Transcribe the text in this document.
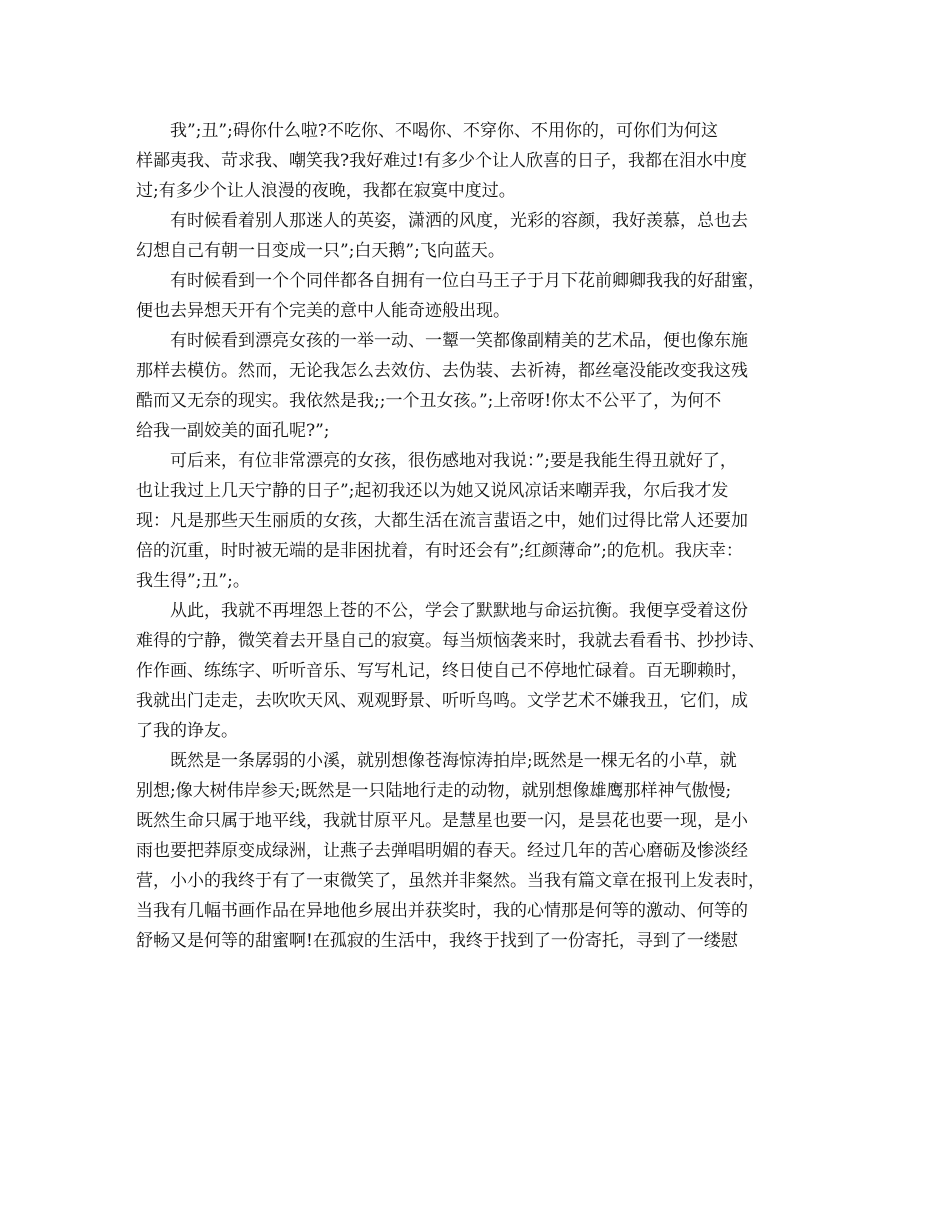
我”;丑”;碍你什么啦?不吃你、不喝你、不穿你、不用你的，可你们为何这
样鄙夷我、苛求我、嘲笑我?我好难过!有多少个让人欣喜的日子，我都在泪水中度
过;有多少个让人浪漫的夜晚，我都在寂寞中度过。
有时候看着别人那迷人的英姿，潇洒的风度，光彩的容颜，我好羡慕，总也去
幻想自己有朝一日变成一只”;白天鹅”;飞向蓝天。
有时候看到一个个同伴都各自拥有一位白马王子于月下花前卿卿我我的好甜蜜，
便也去异想天开有个完美的意中人能奇迹般出现。
有时候看到漂亮女孩的一举一动、一颦一笑都像副精美的艺术品，便也像东施
那样去模仿。然而，无论我怎么去效仿、去伪装、去祈祷，都丝毫没能改变我这残
酷而又无奈的现实。我依然是我;;一个丑女孩。”;上帝呀!你太不公平了，为何不
给我一副姣美的面孔呢?”;
可后来，有位非常漂亮的女孩，很伤感地对我说：”;要是我能生得丑就好了，
也让我过上几天宁静的日子”;起初我还以为她又说风凉话来嘲弄我，尔后我才发
现：凡是那些天生丽质的女孩，大都生活在流言蜚语之中，她们过得比常人还要加
倍的沉重，时时被无端的是非困扰着，有时还会有”;红颜薄命”;的危机。我庆幸：
我生得”;丑”;。
从此，我就不再埋怨上苍的不公，学会了默默地与命运抗衡。我便享受着这份
难得的宁静，微笑着去开垦自己的寂寞。每当烦恼袭来时，我就去看看书、抄抄诗、
作作画、练练字、听听音乐、写写札记，终日使自己不停地忙碌着。百无聊赖时，
我就出门走走，去吹吹天风、观观野景、听听鸟鸣。文学艺术不嫌我丑，它们，成
了我的诤友。
既然是一条孱弱的小溪，就别想像苍海惊涛拍岸;既然是一棵无名的小草，就
别想;像大树伟岸参天;既然是一只陆地行走的动物，就别想像雄鹰那样神气傲慢;
既然生命只属于地平线，我就甘原平凡。是慧星也要一闪，是昙花也要一现，是小
雨也要把莽原变成绿洲，让燕子去弹唱明媚的春天。经过几年的苦心磨砺及惨淡经
营，小小的我终于有了一束微笑了，虽然并非粲然。当我有篇文章在报刊上发表时，
当我有几幅书画作品在异地他乡展出并获奖时，我的心情那是何等的激动、何等的
舒畅又是何等的甜蜜啊!在孤寂的生活中，我终于找到了一份寄托，寻到了一缕慰
